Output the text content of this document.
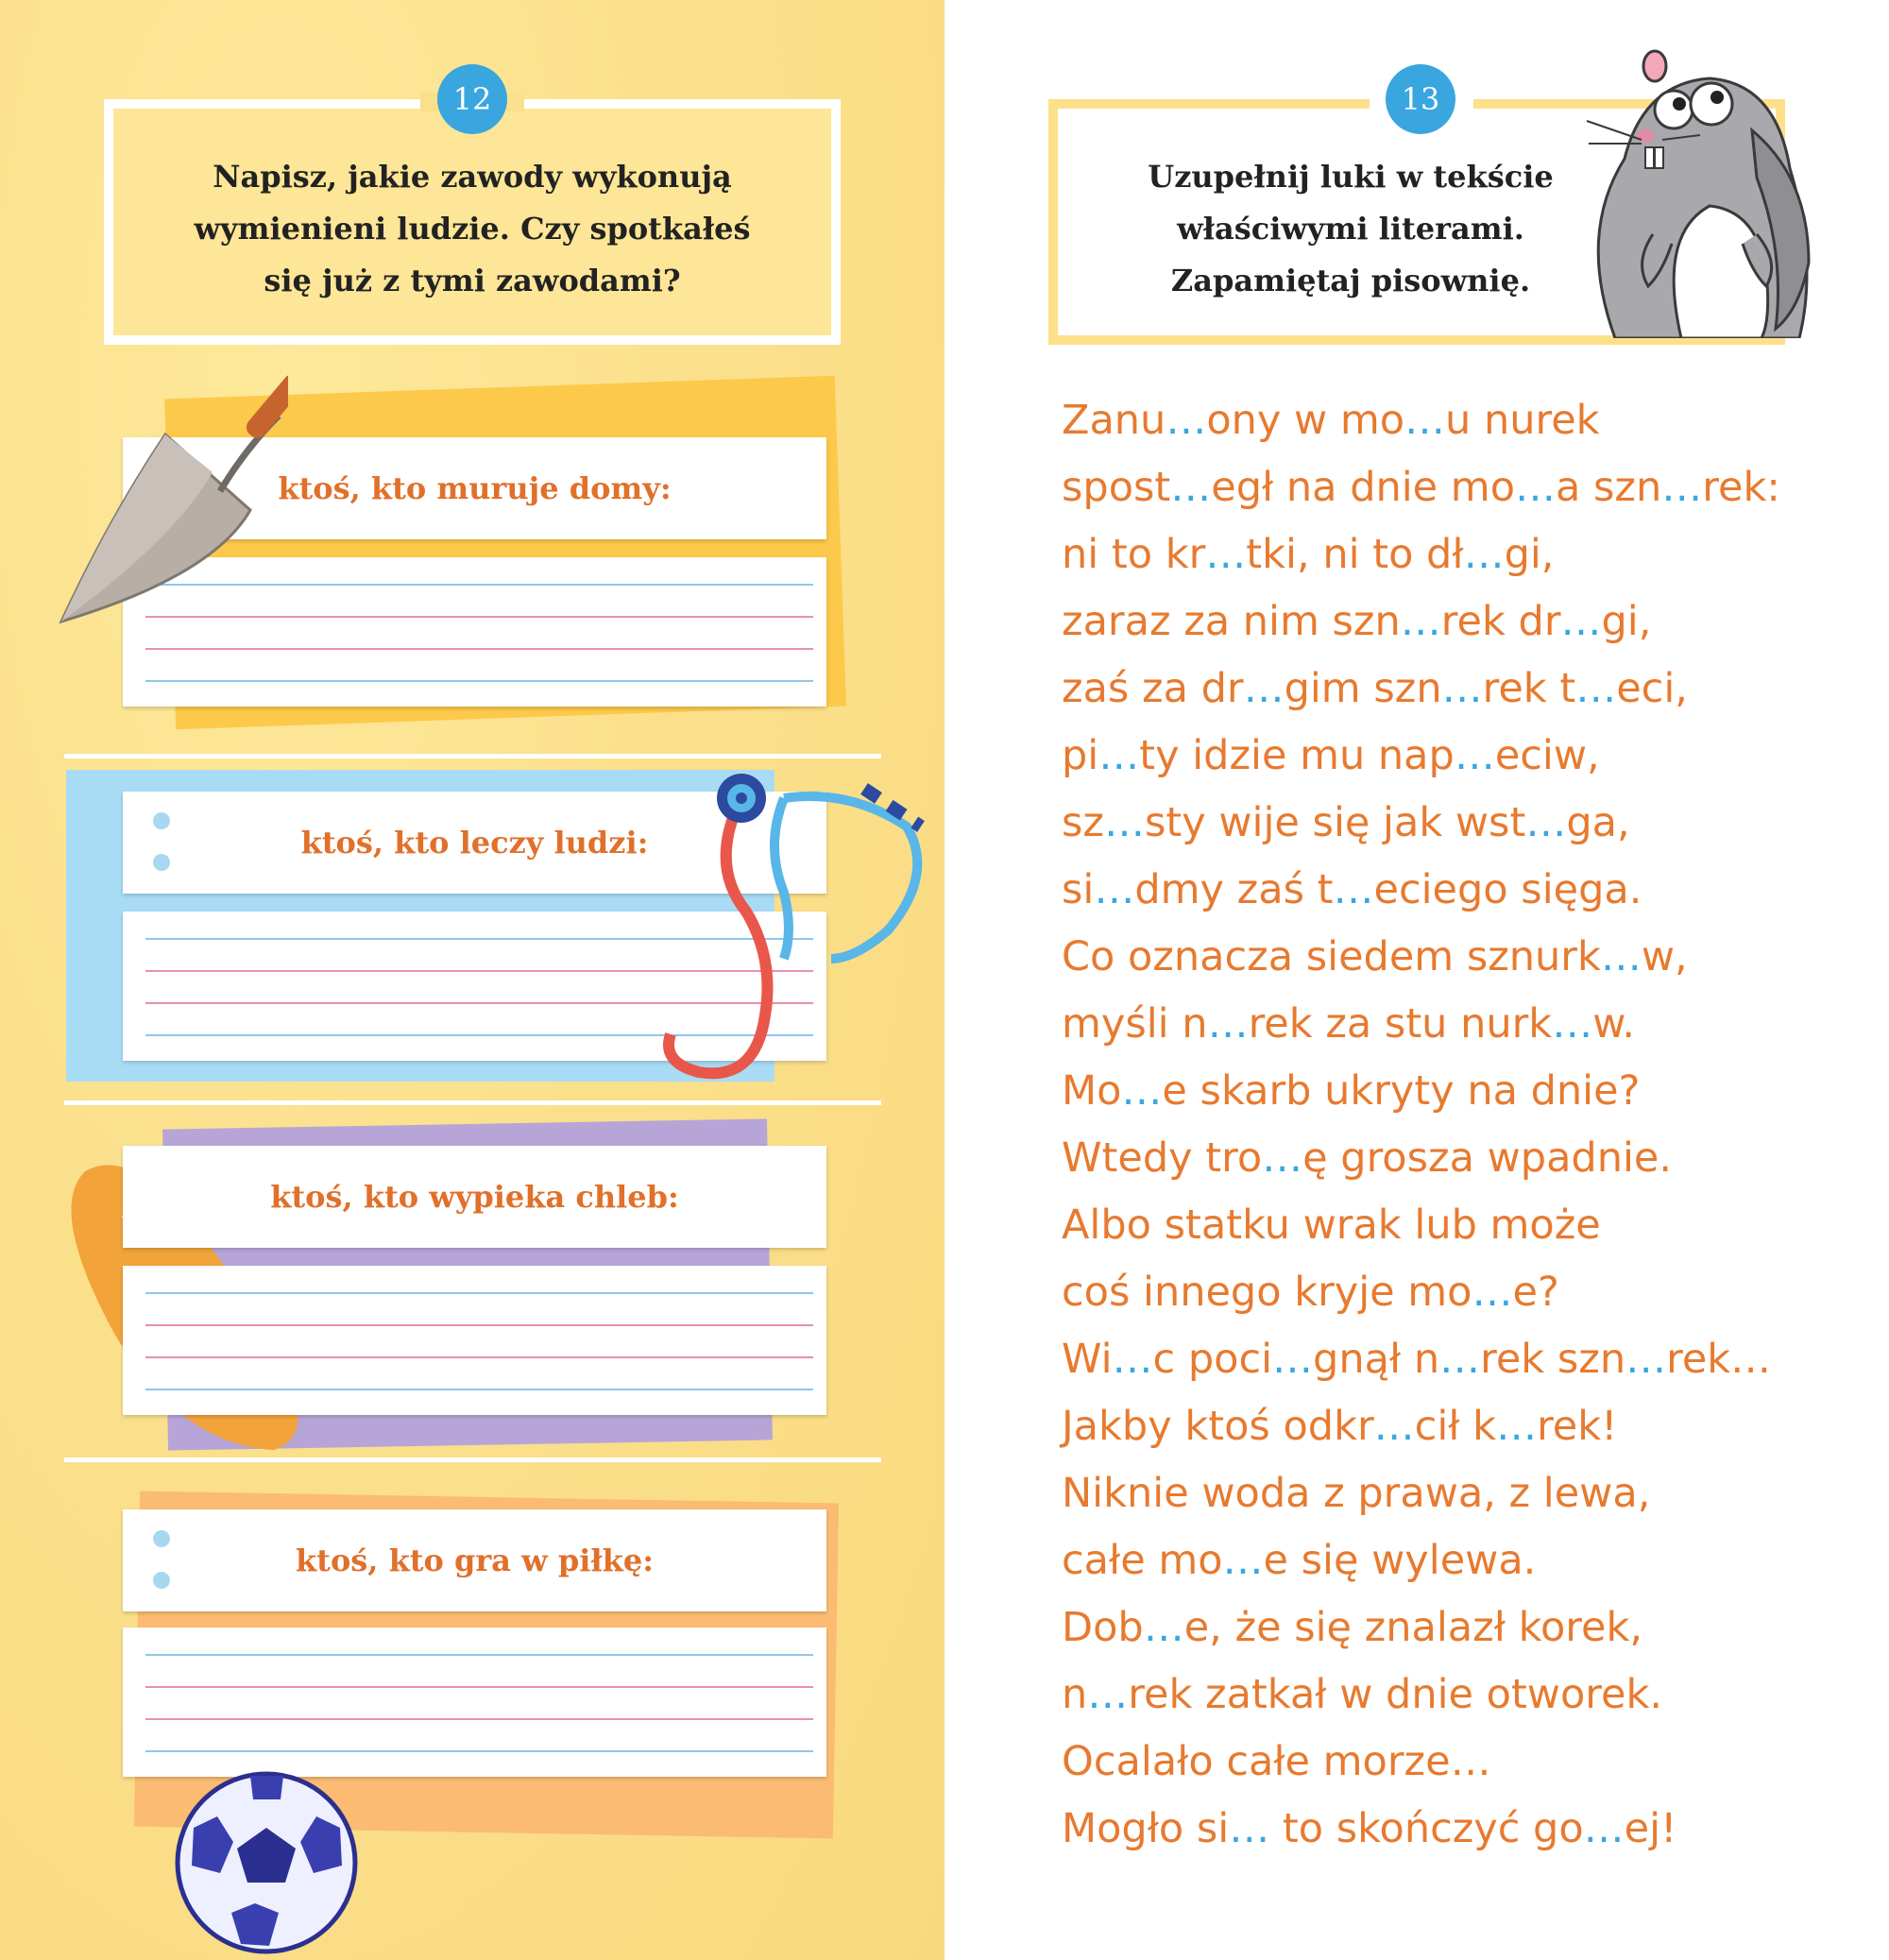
Napisz, jakie zawody wykonują
wymienieni ludzie. Czy spotkałeś
się już z tymi zawodami?
12
ktoś, kto muruje domy:
ktoś, kto leczy ludzi:
ktoś, kto wypieka chleb:
ktoś, kto gra w piłkę:
Uzupełnij luki w tekście
właściwymi literami.
Zapamiętaj pisownię.
13
Zanu…ony w mo…u nurek
spost…egł na dnie mo…a szn…rek:
ni to kr…tki, ni to dł…gi,
zaraz za nim szn…rek dr…gi,
zaś za dr…gim szn…rek t…eci,
pi…ty idzie mu nap…eciw,
sz…sty wije się jak wst…ga,
si…dmy zaś t…eciego sięga.
Co oznacza siedem sznurk…w,
myśli n…rek za stu nurk…w.
Mo…e skarb ukryty na dnie?
Wtedy tro…ę grosza wpadnie.
Albo statku wrak lub może
coś innego kryje mo…e?
Wi…c poci…gnął n…rek szn…rek…
Jakby ktoś odkr…cił k…rek!
Niknie woda z prawa, z lewa,
całe mo…e się wylewa.
Dob…e, że się znalazł korek,
n…rek zatkał w dnie otworek.
Ocalało całe morze…
Mogło si… to skończyć go…ej!
